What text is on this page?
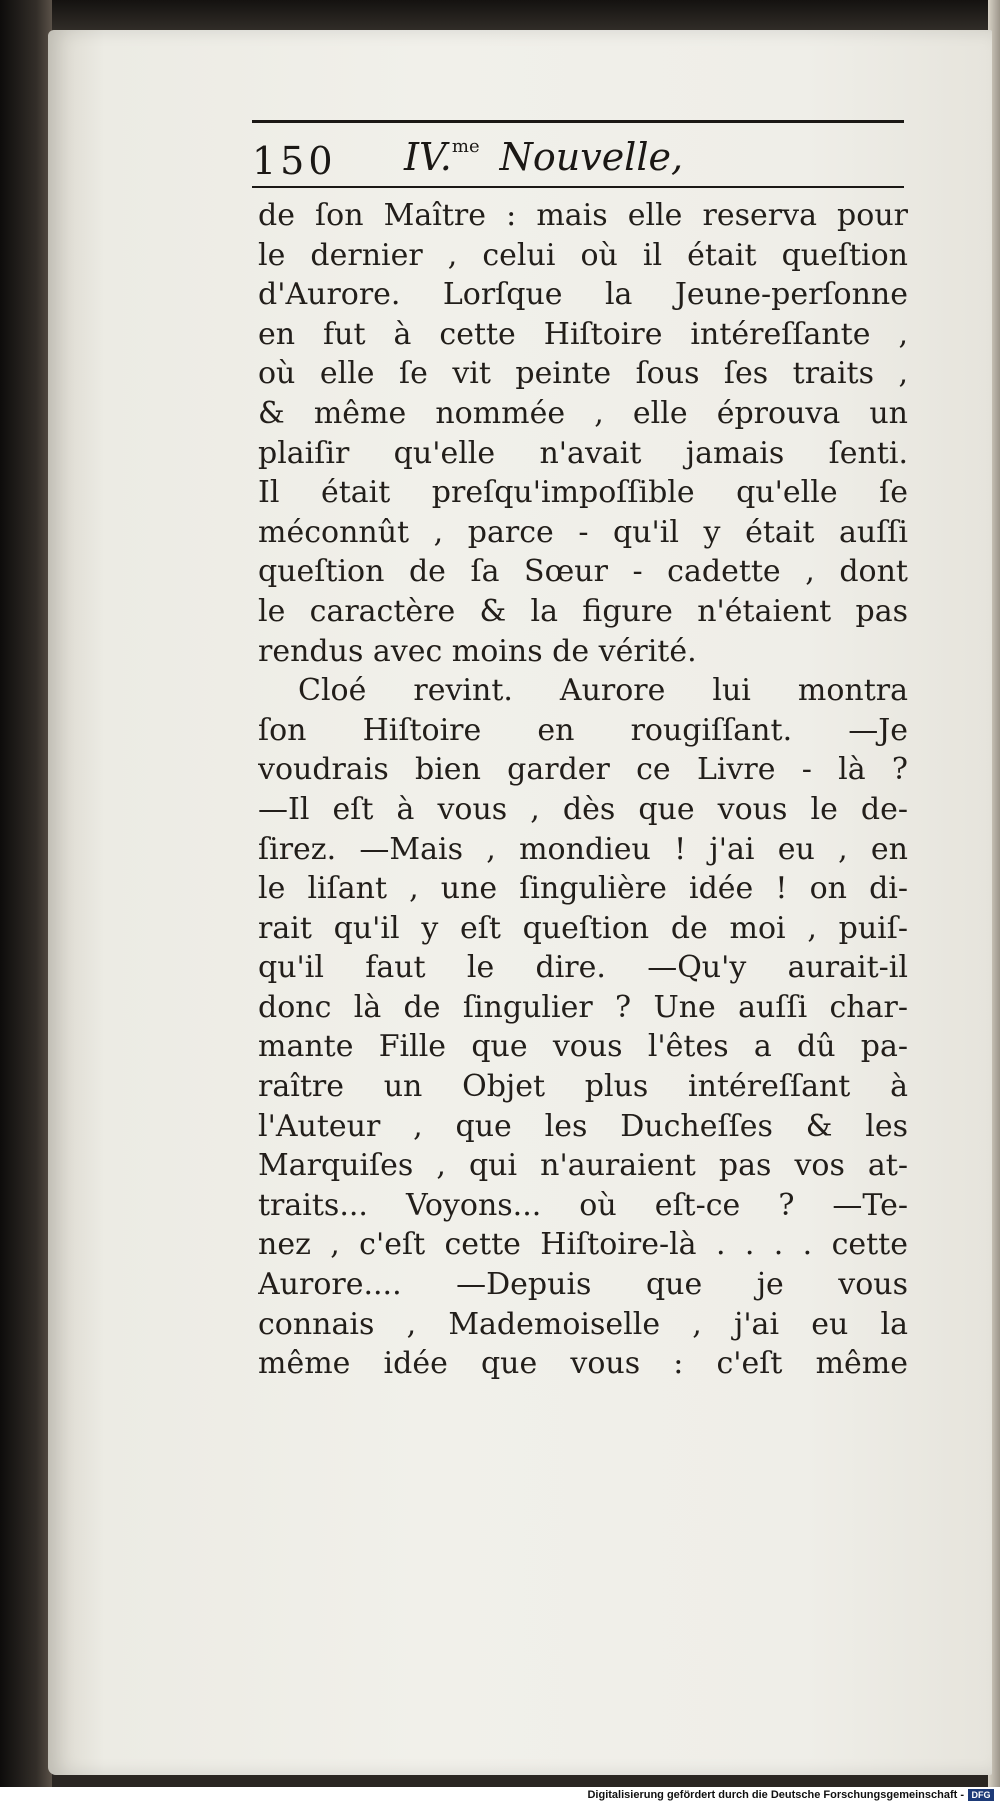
150 IV.$^{me}$ Nouvelle,
de ſon Maître : mais elle reserva pour
le dernier , celui où il était queſtion
d'Aurore. Lorſque la Jeune-perſonne
en fut à cette Hiſtoire intéreſſante ,
où elle ſe vit peinte ſous ſes traits ,
& même nommée , elle éprouva un
plaiſir qu'elle n'avait jamais ſenti.
Il était preſqu'impoſſible qu'elle ſe
méconnût , parce - qu'il y était auſſi
queſtion de ſa Sœur - cadette , dont
le caractère & la figure n'étaient pas
rendus avec moins de vérité.
Cloé revint. Aurore lui montra
ſon Hiſtoire en rougiſſant. —Je
voudrais bien garder ce Livre - là ?
—Il eſt à vous , dès que vous le de-
ſirez. —Mais , mondieu ! j'ai eu , en
le liſant , une ſingulière idée ! on di-
rait qu'il y eſt queſtion de moi , puiſ-
qu'il faut le dire. —Qu'y aurait-il
donc là de ſingulier ? Une auſſi char-
mante Fille que vous l'êtes a dû pa-
raître un Objet plus intéreſſant à
l'Auteur , que les Ducheſſes & les
Marquiſes , qui n'auraient pas vos at-
traits... Voyons... où eſt-ce ? —Te-
nez , c'eſt cette Hiſtoire-là . . . . cette
Aurore.... —Depuis que je vous
connais , Mademoiselle , j'ai eu la
même idée que vous : c'eſt même
Digitalisierung gefördert durch die Deutsche Forschungsgemeinschaft - DFG
